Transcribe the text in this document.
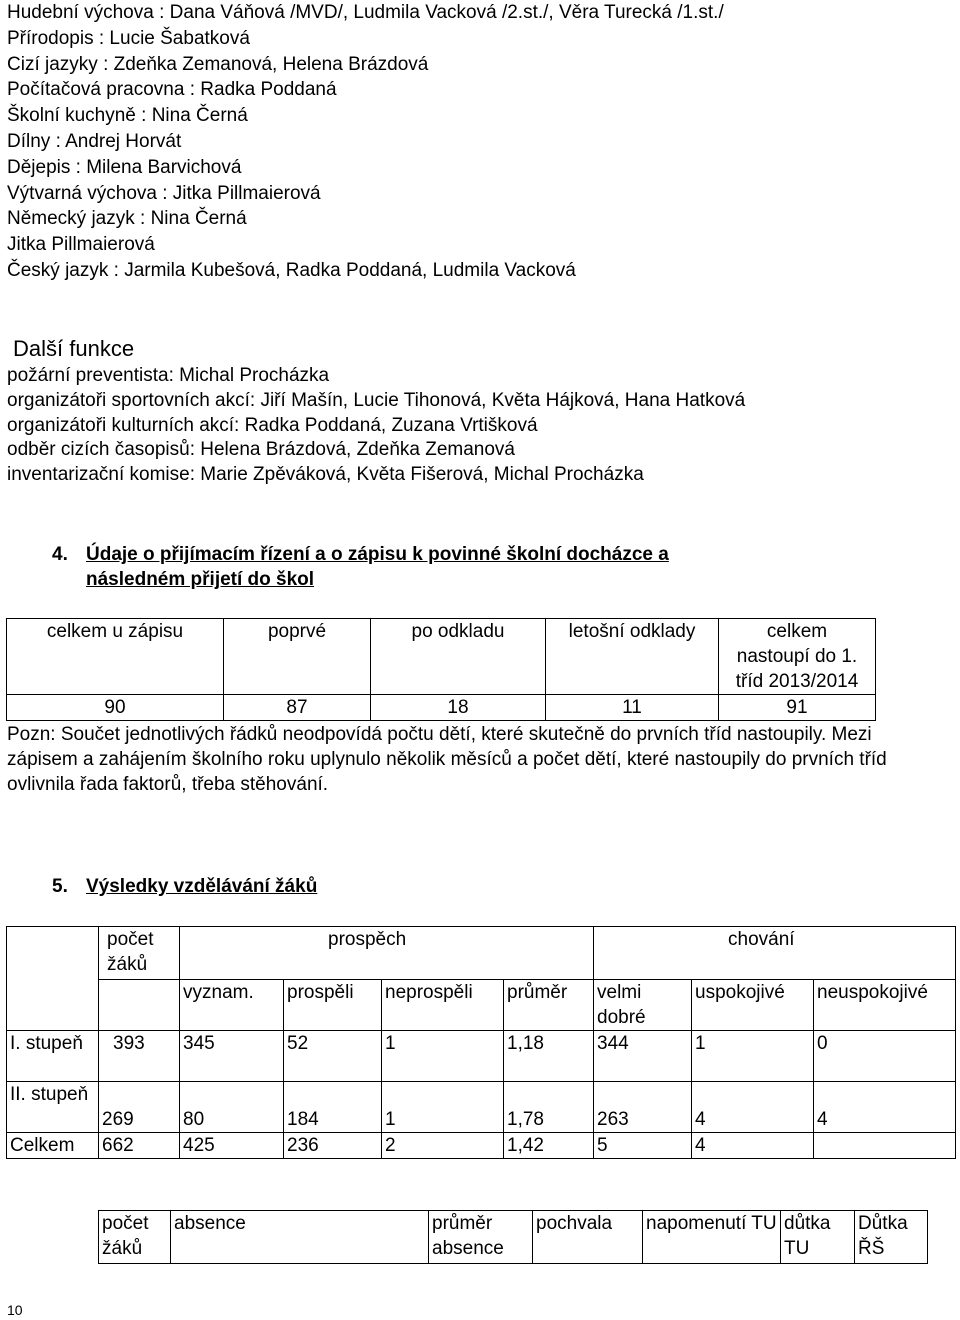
Hudební výchova : Dana Váňová /MVD/, Ludmila Vacková /2.st./, Věra Turecká /1.st./
Přírodopis : Lucie Šabatková
Cizí jazyky : Zdeňka Zemanová, Helena Brázdová
Počítačová pracovna : Radka Poddaná
Školní kuchyně : Nina Černá
Dílny : Andrej Horvát
Dějepis : Milena Barvichová
Výtvarná výchova : Jitka Pillmaierová
Německý jazyk : Nina Černá
Jitka Pillmaierová
Český jazyk : Jarmila Kubešová, Radka Poddaná, Ludmila Vacková
Další funkce
požární preventista: Michal Procházka
organizátoři sportovních akcí: Jiří Mašín, Lucie Tihonová, Květa Hájková, Hana Hatková
organizátoři kulturních akcí: Radka Poddaná, Zuzana Vrtišková
odběr cizích časopisů: Helena Brázdová, Zdeňka Zemanová
inventarizační komise: Marie Zpěváková, Květa Fišerová, Michal Procházka
4. Údaje o přijímacím řízení a o zápisu k povinné školní docházce a
následném přijetí do škol
celkem u zápisu	poprvé	po odkladu	letošní odklady	celkem nastoupí do 1. tříd 2013/2014
90	87	18	11	91
Pozn: Součet jednotlivých řádků neodpovídá počtu dětí, které skutečně do prvních tříd nastoupily. Mezi zápisem a zahájením školního roku uplynulo několik měsíců a počet dětí, které nastoupily do prvních tříd ovlivnila řada faktorů, třeba stěhování.
5. Výsledky vzdělávání žáků
	počet žáků	prospěch				chování		
		vyznam.	prospěli	neprospěli	průměr	velmi dobré	uspokojivé	neuspokojivé
I. stupeň	393	345	52	1	1,18	344	1	0
II. stupeň	269	80	184	1	1,78	263	4	4
Celkem	662	425	236	2	1,42	5	4	
počet žáků	absence	průměr absence	pochvala	napomenutí TU	důtka TU	Důtka ŘŠ
10
